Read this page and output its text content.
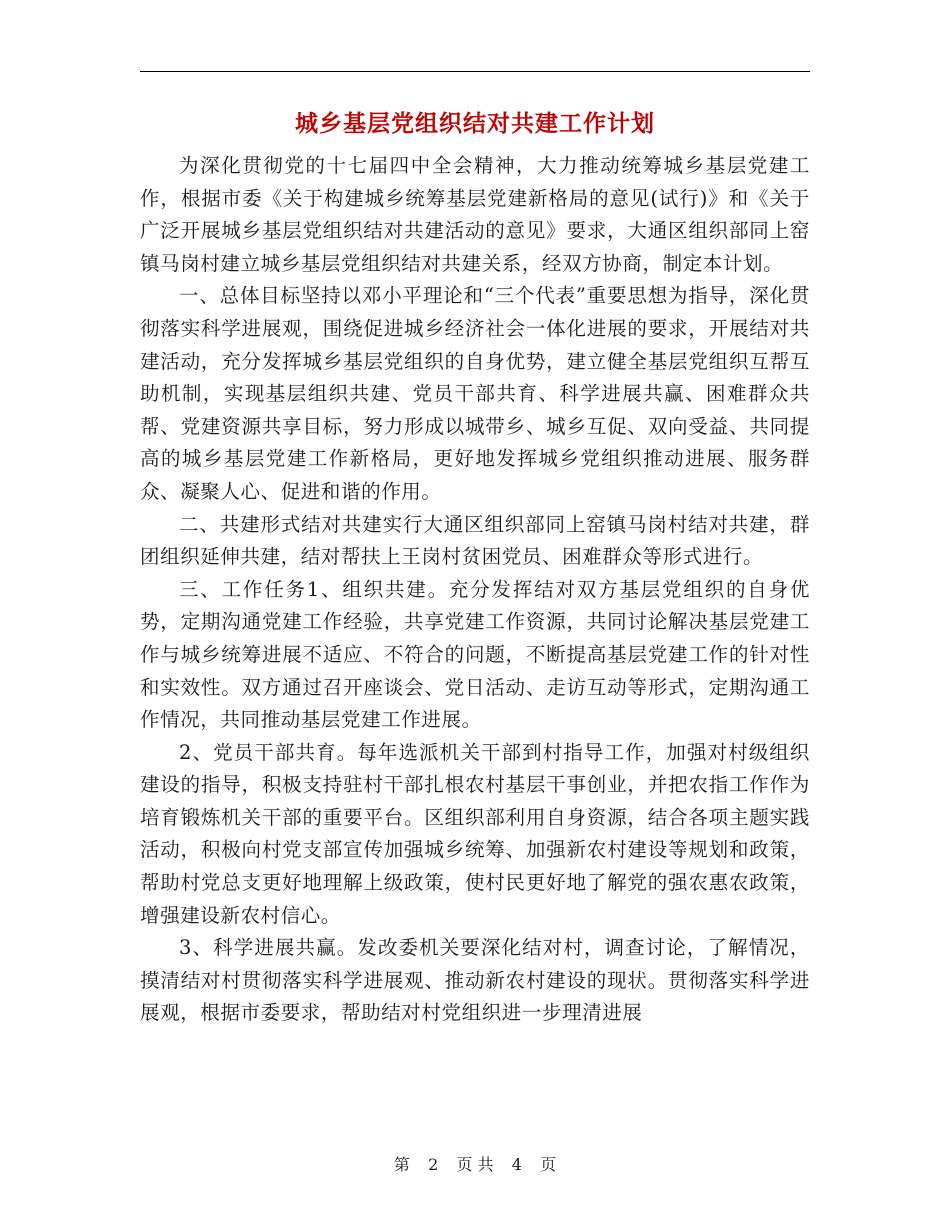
城乡基层党组织结对共建工作计划

为深化贯彻党的十七届四中全会精神，大力推动统筹城乡基层党建工作，根据市委《关于构建城乡统筹基层党建新格局的意见(试行)》和《关于广泛开展城乡基层党组织结对共建活动的意见》要求，大通区组织部同上窑镇马岗村建立城乡基层党组织结对共建关系，经双方协商，制定本计划。

一、总体目标坚持以邓小平理论和“三个代表”重要思想为指导，深化贯彻落实科学进展观，围绕促进城乡经济社会一体化进展的要求，开展结对共建活动，充分发挥城乡基层党组织的自身优势，建立健全基层党组织互帮互助机制，实现基层组织共建、党员干部共育、科学进展共赢、困难群众共帮、党建资源共享目标，努力形成以城带乡、城乡互促、双向受益、共同提高的城乡基层党建工作新格局，更好地发挥城乡党组织推动进展、服务群众、凝聚人心、促进和谐的作用。

二、共建形式结对共建实行大通区组织部同上窑镇马岗村结对共建，群团组织延伸共建，结对帮扶上王岗村贫困党员、困难群众等形式进行。

三、工作任务1、组织共建。充分发挥结对双方基层党组织的自身优势，定期沟通党建工作经验，共享党建工作资源，共同讨论解决基层党建工作与城乡统筹进展不适应、不符合的问题，不断提高基层党建工作的针对性和实效性。双方通过召开座谈会、党日活动、走访互动等形式，定期沟通工作情况，共同推动基层党建工作进展。

2、党员干部共育。每年选派机关干部到村指导工作，加强对村级组织建设的指导，积极支持驻村干部扎根农村基层干事创业，并把农指工作作为培育锻炼机关干部的重要平台。区组织部利用自身资源，结合各项主题实践活动，积极向村党支部宣传加强城乡统筹、加强新农村建设等规划和政策，帮助村党总支更好地理解上级政策，使村民更好地了解党的强农惠农政策，增强建设新农村信心。

3、科学进展共赢。发改委机关要深化结对村，调查讨论，了解情况，摸清结对村贯彻落实科学进展观、推动新农村建设的现状。贯彻落实科学进展观，根据市委要求，帮助结对村党组织进一步理清进展

第 2 页 共 4 页
